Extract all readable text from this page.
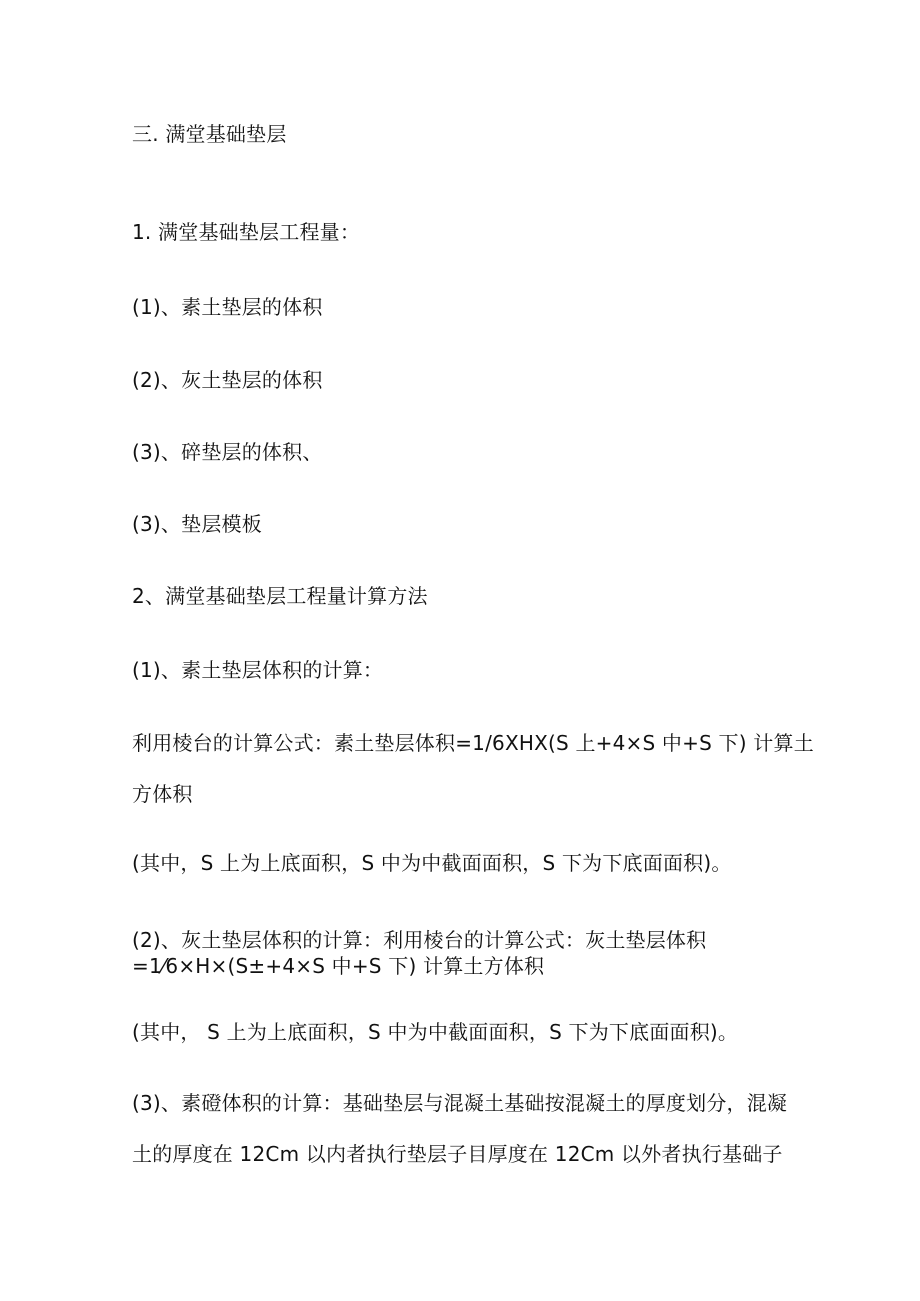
三. 满堂基础垫层

1. 满堂基础垫层工程量：

(1)、素土垫层的体积

(2)、灰土垫层的体积

(3)、碎垫层的体积、

(3)、垫层模板

2、满堂基础垫层工程量计算方法

(1)、素土垫层体积的计算：

利用棱台的计算公式：素土垫层体积=1/6XHX(S 上+4×S 中+S 下) 计算土

方体积

(其中，S 上为上底面积，S 中为中截面面积，S 下为下底面面积)。

(2)、灰土垫层体积的计算：利用棱台的计算公式：灰土垫层体积

=1⁄6×H×(S±+4×S 中+S 下) 计算土方体积

(其中， S 上为上底面积，S 中为中截面面积，S 下为下底面面积)。

(3)、素磴体积的计算：基础垫层与混凝土基础按混凝土的厚度划分，混凝

土的厚度在 12Cm 以内者执行垫层子目厚度在 12Cm 以外者执行基础子
